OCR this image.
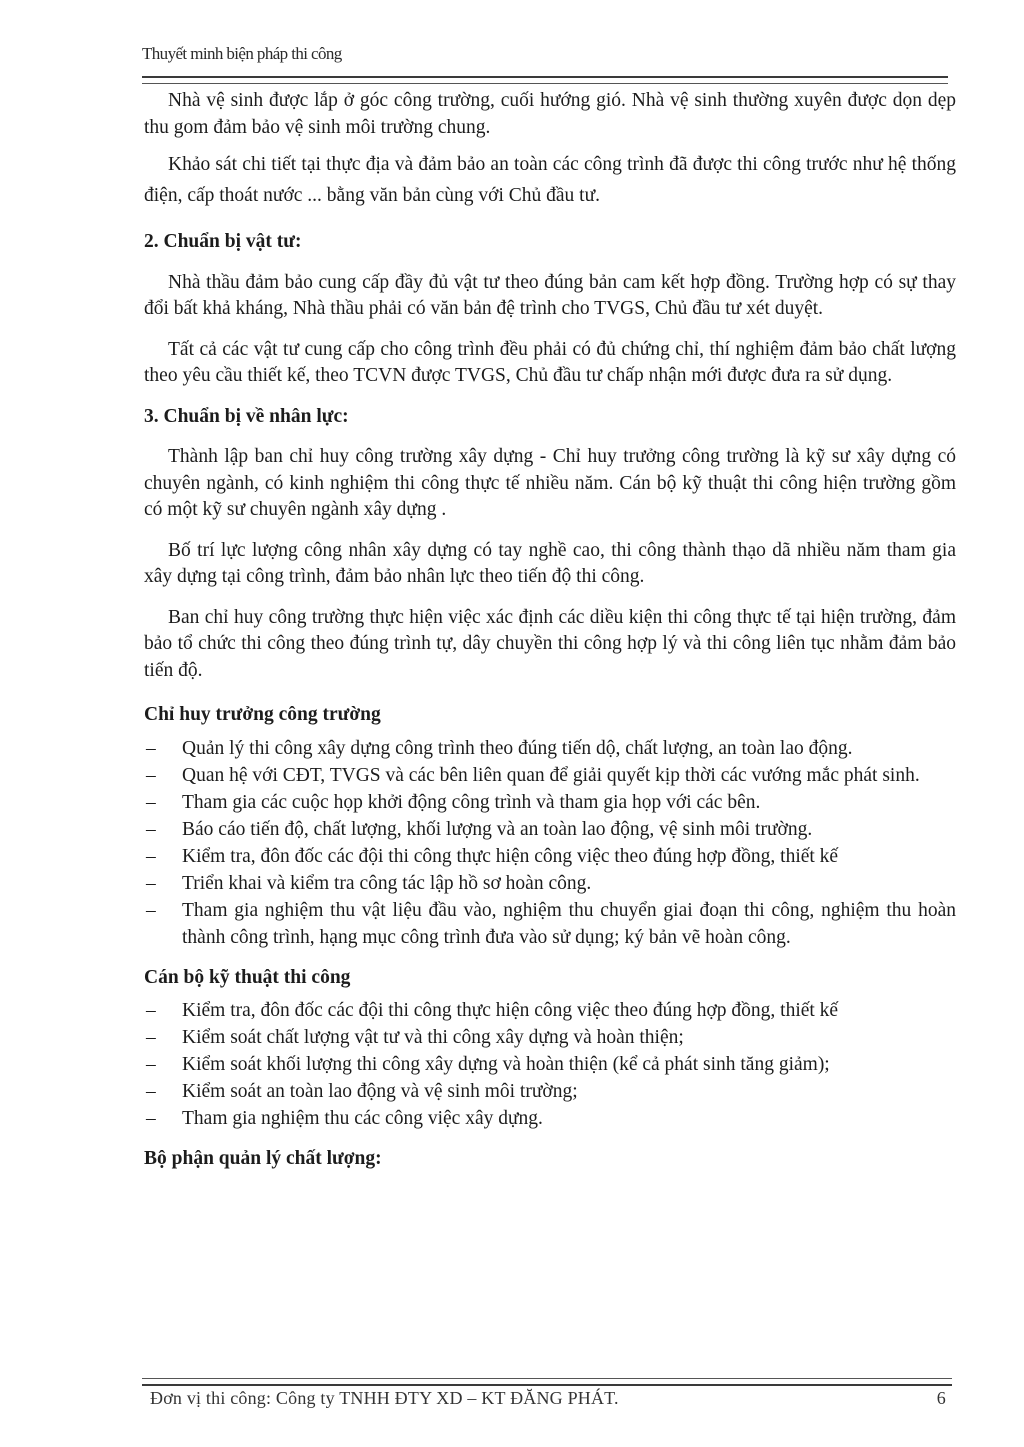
Thuyết minh biện pháp thi công

Nhà vệ sinh được lắp ở góc công trường, cuối hướng gió. Nhà vệ sinh thường xuyên được dọn dẹp thu gom đảm bảo vệ sinh môi trường chung.

Khảo sát chi tiết tại thực địa và đảm bảo an toàn các công trình đã được thi công trước như hệ thống điện, cấp thoát nước ... bằng văn bản cùng với Chủ đầu tư.

2. Chuẩn bị vật tư:

Nhà thầu đảm bảo cung cấp đầy đủ vật tư theo đúng bản cam kết hợp đồng. Trường hợp có sự thay đổi bất khả kháng, Nhà thầu phải có văn bản đệ trình cho TVGS, Chủ đầu tư xét duyệt.

Tất cả các vật tư cung cấp cho công trình đều phải có đủ chứng chỉ, thí nghiệm đảm bảo chất lượng theo yêu cầu thiết kế, theo TCVN được TVGS, Chủ đầu tư chấp nhận mới được đưa ra sử dụng.

3. Chuẩn bị về nhân lực:

Thành lập ban chỉ huy công trường xây dựng - Chỉ huy trưởng công trường là kỹ sư xây dựng có chuyên ngành, có kinh nghiệm thi công thực tế nhiều năm. Cán bộ kỹ thuật thi công hiện trường gồm có một kỹ sư chuyên ngành xây dựng .

Bố trí lực lượng công nhân xây dựng có tay nghề cao, thi công thành thạo dã nhiều năm tham gia xây dựng tại công trình, đảm bảo nhân lực theo tiến độ thi công.

Ban chỉ huy công trường thực hiện việc xác định các diều kiện thi công thực tế tại hiện trường, đảm bảo tổ chức thi công theo đúng trình tự, dây chuyền thi công hợp lý và thi công liên tục nhằm đảm bảo tiến độ.

Chỉ huy trưởng công trường
– Quản lý thi công xây dựng công trình theo đúng tiến dộ, chất lượng, an toàn lao động.
– Quan hệ với CĐT, TVGS và các bên liên quan để giải quyết kịp thời các vướng mắc phát sinh.
– Tham gia các cuộc họp khởi động công trình và tham gia họp với các bên.
– Báo cáo tiến độ, chất lượng, khối lượng và an toàn lao động, vệ sinh môi trường.
– Kiểm tra, đôn đốc các đội thi công thực hiện công việc theo đúng hợp đồng, thiết kế
– Triển khai và kiểm tra công tác lập hồ sơ hoàn công.
– Tham gia nghiệm thu vật liệu đầu vào, nghiệm thu chuyển giai đoạn thi công, nghiệm thu hoàn thành công trình, hạng mục công trình đưa vào sử dụng; ký bản vẽ hoàn công.
Cán bộ kỹ thuật thi công
– Kiểm tra, đôn đốc các đội thi công thực hiện công việc theo đúng hợp đồng, thiết kế
– Kiểm soát chất lượng vật tư và thi công xây dựng và hoàn thiện;
– Kiểm soát khối lượng thi công xây dựng và hoàn thiện (kể cả phát sinh tăng giảm);
– Kiểm soát an toàn lao động và vệ sinh môi trường;
– Tham gia nghiệm thu các công việc xây dựng.
Bộ phận quản lý chất lượng:
Đơn vị thi công: Công ty TNHH ĐTY XD – KT ĐĂNG PHÁT.	6
